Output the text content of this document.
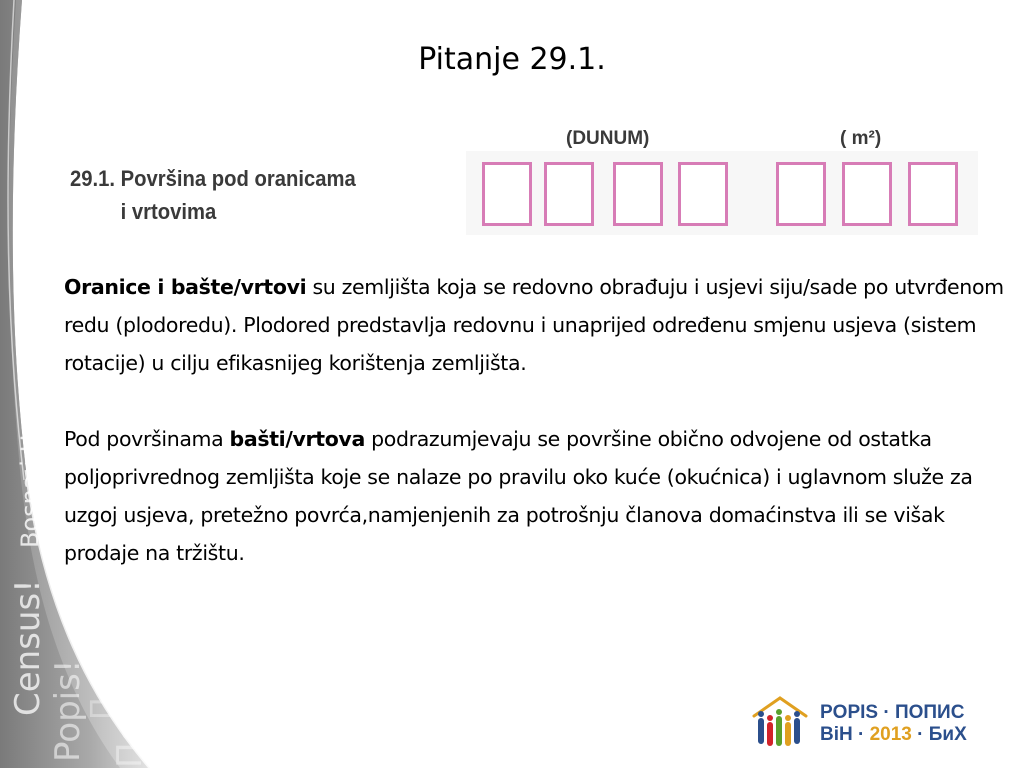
Census! Popis!
Bosna i Hercegovina
Пописи
Попис!
Босна и Херцеговина
Popis 2013
2013
Pitanje 29.1.
29.1. Površina pod oranicama
i vrtovima
(DUNUM)	( m²)

Oranice i bašte/vrtovi su zemljišta koja se redovno obrađuju i usjevi siju/sade po utvrđenom redu (plodoredu). Plodored predstavlja redovnu i unaprijed određenu smjenu usjeva (sistem rotacije) u cilju efikasnijeg korištenja zemljišta.

Pod površinama bašti/vrtova podrazumjevaju se površine obično odvojene od ostatka poljoprivrednog zemljišta koje se nalaze po pravilu oko kuće (okućnica) i uglavnom služe za uzgoj usjeva, pretežno povrća,namjenjenih za potrošnju članova domaćinstva ili se višak prodaje na tržištu.

POPIS · ПОПИС
BiH · 2013 · БиХ
